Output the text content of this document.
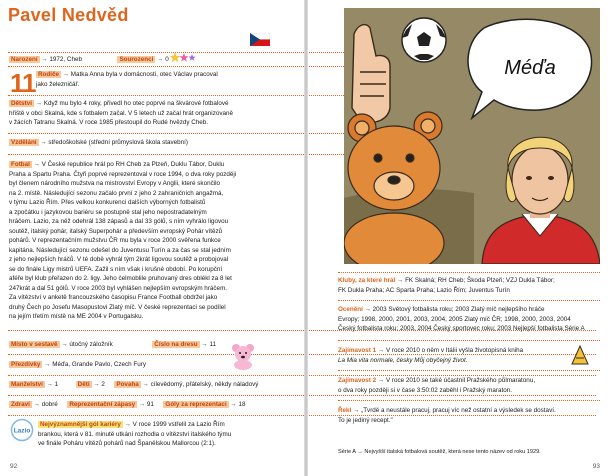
Pavel Nedvěd
Narození → 1972, Cheb	Sourozenci → 0
11 Rodiče → Matka Anna byla v domácnosti, otec Václav pracoval
jako železničář.
Dětství → Když mu bylo 4 roky, přivedl ho otec poprvé na škvárové fotbalové
hřiště v obci Skalná, kde s fotbalem začal. V 5 letech už začal hrát organizovaně
v žácích Tatranu Skalná. V roce 1985 přestoupil do Rudé hvězdy Cheb.
Vzdělání → středoškolské (střední průmyslová škola stavební)
Fotbal → V České republice hrál po RH Cheb za Plzeň, Duklu Tábor, Duklu
Praha a Spartu Praha. Čtyři poprvé reprezentoval v roce 1994, o dva roky později
byl členem národního mužstva na mistrovství Evropy v Anglii, které skončilo
na 2. místě. Následující sezonu začalo první z jeho 2 zahraničních angažmá,
v týmu Lazio Řím. Přes velkou konkurenci dalších výborných fotbalistů
a zpočátku i jazykovou bariéru se postupně stal jeho nepostradatelným
hráčem. Lazio, za něž odehrál 138 zápasů a dal 33 gólů, s ním vyhrálo ligovou
soutěž, italský pohár, italský Superpohár a především evropský Pohár vítězů
pohárů. V reprezentačním mužstvu ČR mu byla v roce 2000 svěřena funkce
kapitána. Následující sezonu odešel do Juventusu Turín a za čas se stal jedním
z jeho nejlepších hráčů. V té době vyhrál tým 2krát ligovou soutěž a probojoval
se do finále Ligy mistrů UEFA. Zažil s ním však i krušné období. Po korupční
aféře byl klub přeřazen do 2. ligy. Jeho čelmoblile pruhovaný dres oblékl za 8 let
247krát a dal 51 gólů. V roce 2003 byl vyhlášen nejlepším evropským hráčem.
Za vítězství v anketě francouzského časopisu France Football obdržel jako
druhý Čech po Josefu Masopustovi Zlatý míč. V české reprezentaci se podílel
na jejím třetím místě na ME 2004 v Portugalsku.
Místo v sestavě → útočný záložník	Číslo na dresu → 11
Přezdívky → Méďa, Grande Pavlo, Czech Fury
Manželství → 1	Děti → 2 Povaha → cílevědomý, přátelský, někdy náladový
Zdraví → dobré Reprezentační zápasy → 91 Góly za reprezentaci → 18
Lazio
Nejvýznamnější gól kariéry → V roce 1999 vstřelil za Lazio Řím
brankou, která v 81. minutě utkání rozhodla o vítězství italského týmu
ve finále Poháru vítězů pohárů nad Španělskou Mallorcou (2:1).
92
Méďa
Kluby, za které hrál → FK Skalná; RH Cheb; Škoda Plzeň; VZJ Dukla Tábor;
FK Dukla Praha; AC Sparta Praha; Lazio Řím; Juventus Turín
Ocenění → 2003 Světový fotbalista roku; 2003 Zlatý míč nejlepšího hráče
Evropy; 1998, 2000, 2001, 2003, 2004, 2005 Zlatý míč ČR; 1998, 2000, 2003, 2004
Český fotbalista roku; 2003, 2004 Český sportovec roku; 2003 Nejlepší fotbalista Série A
Zajímavost 1 → V roce 2010 o něm v Itálii vyšla životopisná kniha
La Mia vita normale, česky Můj obyčejný život.
Zajímavost 2 → V roce 2010 se také účastnil Pražského půlmaratonu,
o dva roky později si v čase 3:50:02 zaběhl i Pražský maraton.
Řekl → „Tvrdě a neustále pracuj, pracuj víc než ostatní a výsledek se dostaví.
To je jediný recept."
Série A → Nejvyšší italská fotbalová soutěž, která nese tento název od roku 1929.
93
